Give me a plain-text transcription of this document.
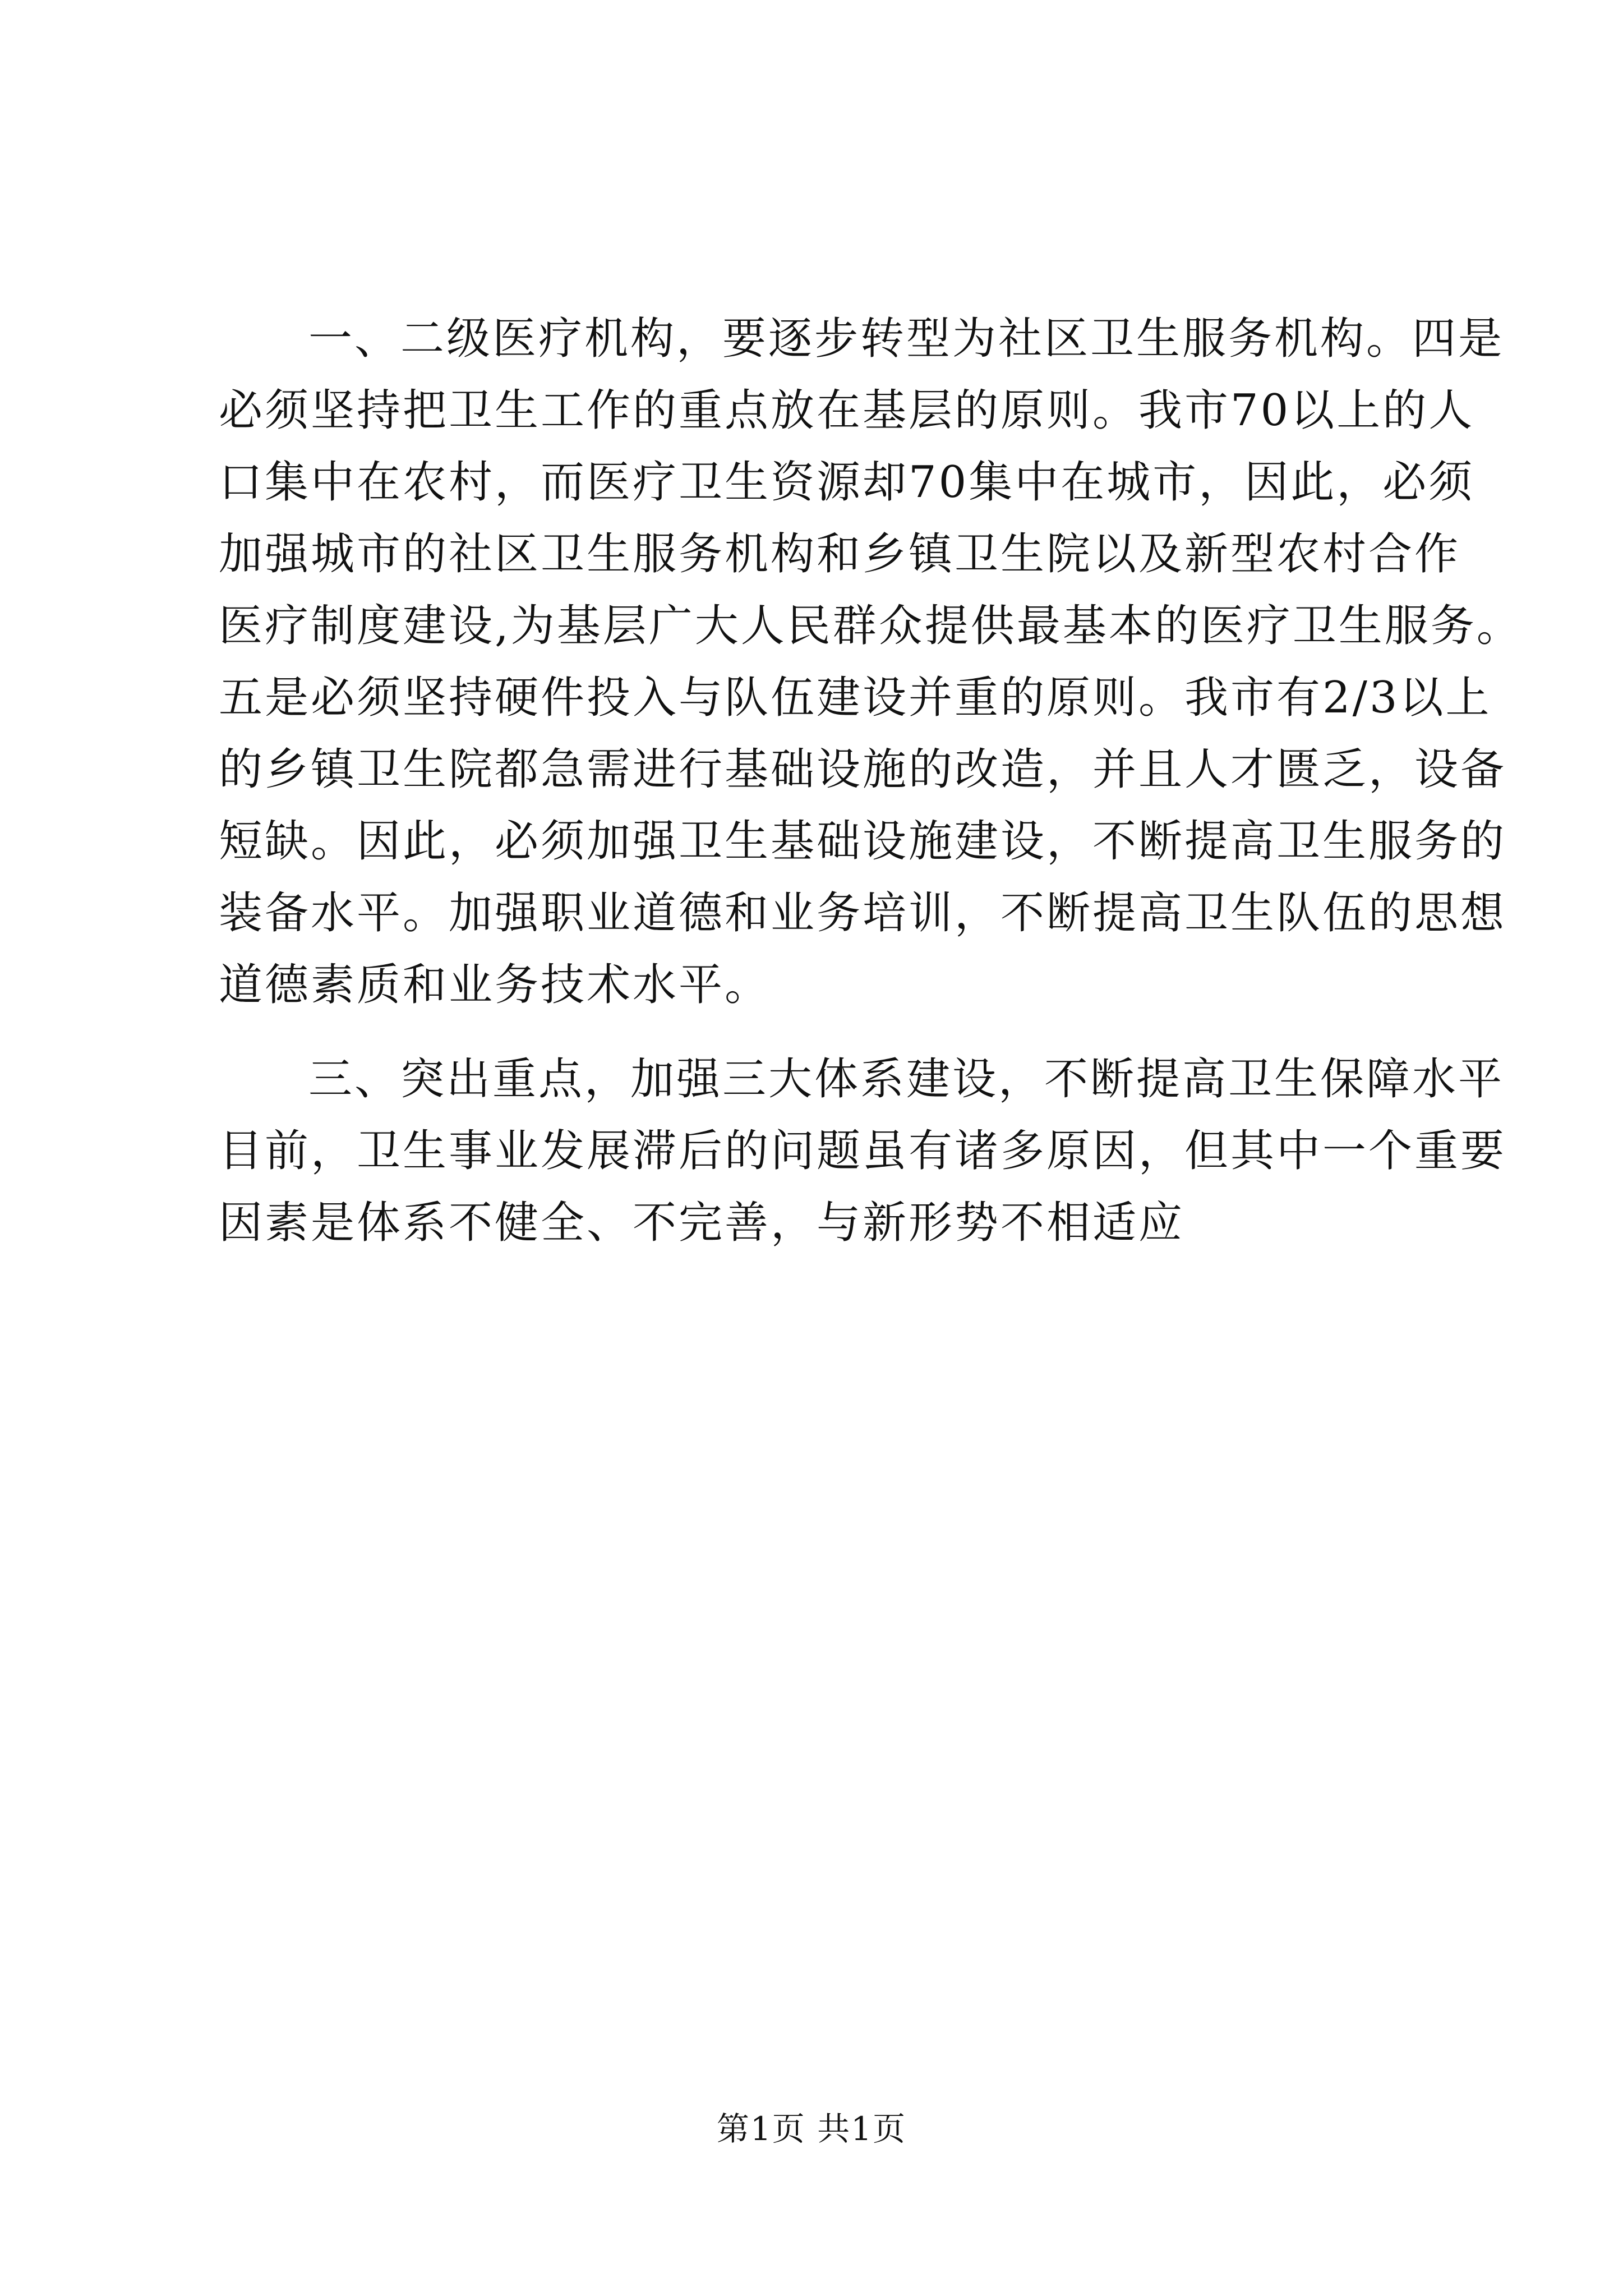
一、二级医疗机构，要逐步转型为社区卫生服务机构。四是
必须坚持把卫生工作的重点放在基层的原则。我市70以上的人
口集中在农村，而医疗卫生资源却70集中在城市，因此，必须
加强城市的社区卫生服务机构和乡镇卫生院以及新型农村合作
医疗制度建设,为基层广大人民群众提供最基本的医疗卫生服务。
五是必须坚持硬件投入与队伍建设并重的原则。我市有2/3以上
的乡镇卫生院都急需进行基础设施的改造，并且人才匮乏，设备
短缺。因此，必须加强卫生基础设施建设，不断提高卫生服务的
装备水平。加强职业道德和业务培训，不断提高卫生队伍的思想
道德素质和业务技术水平。
三、突出重点，加强三大体系建设，不断提高卫生保障水平
目前，卫生事业发展滞后的问题虽有诸多原因，但其中一个重要
因素是体系不健全、不完善，与新形势不相适应
第1页 共1页
